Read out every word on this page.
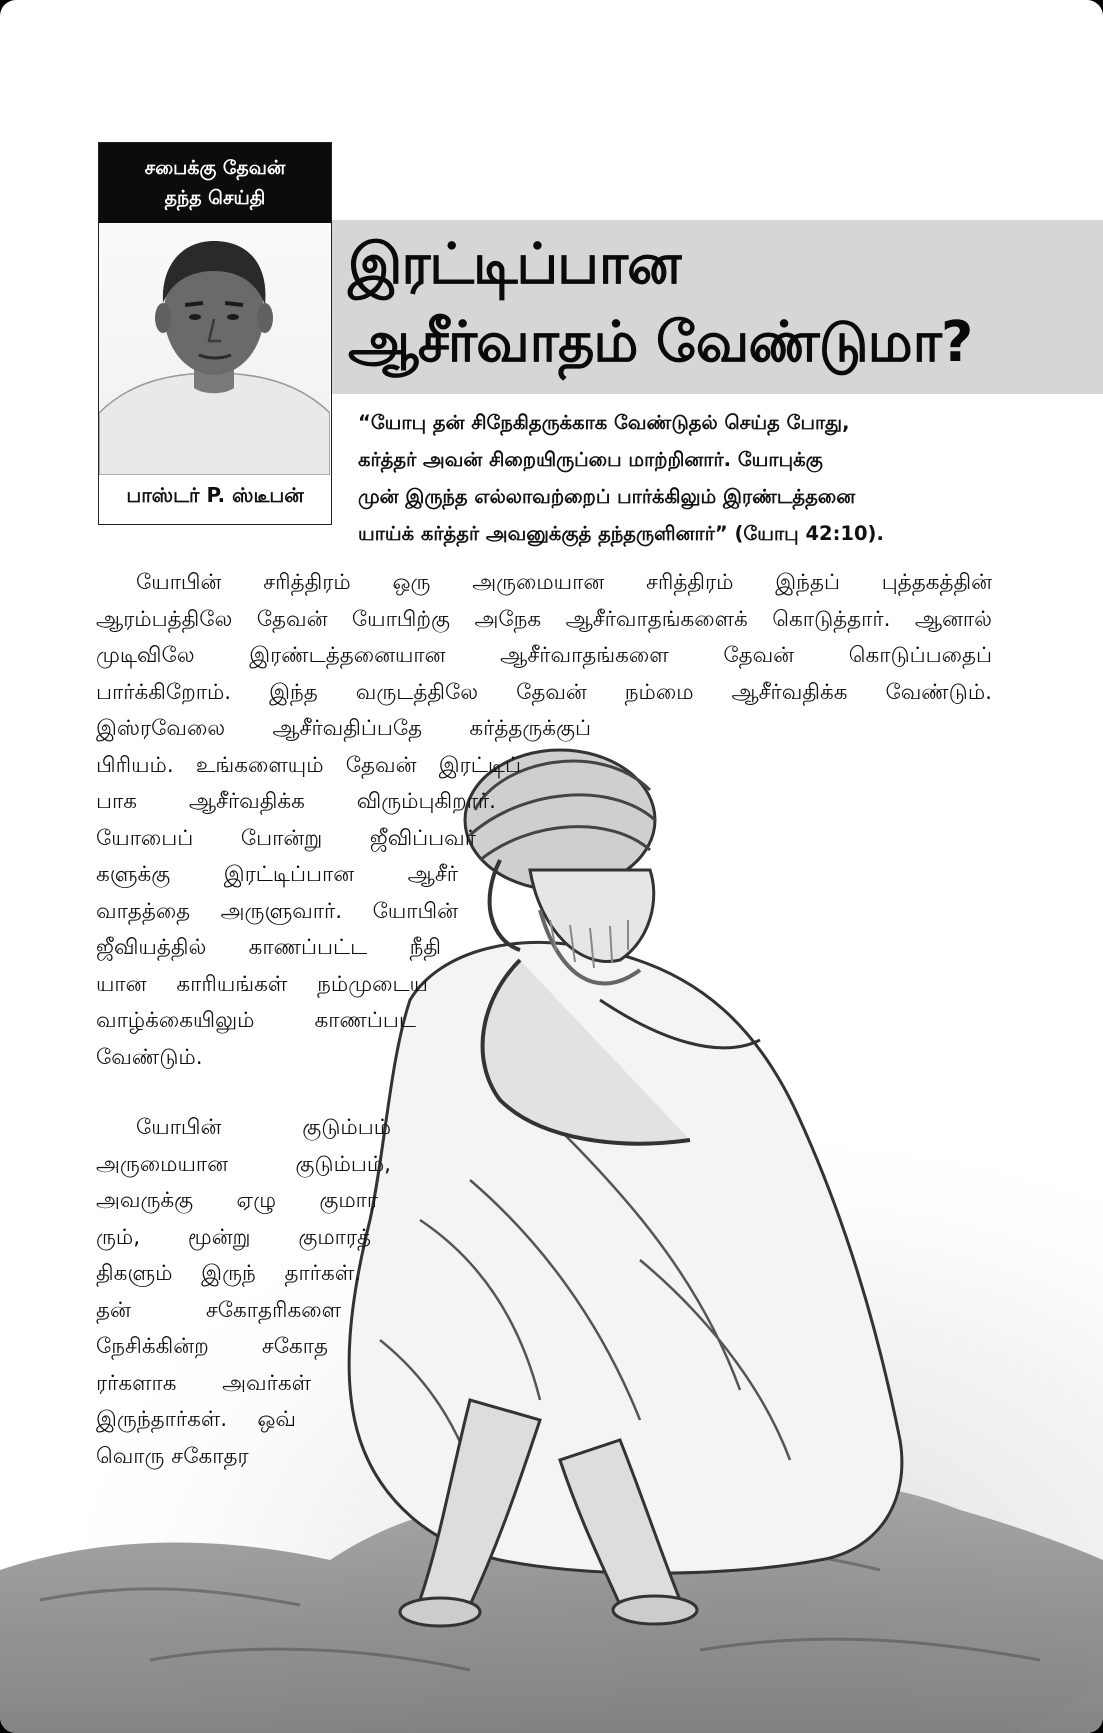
சபைக்கு தேவன்
தந்த செய்தி
பாஸ்டர் P. ஸ்டீபன்
இரட்டிப்பான
ஆசீர்வாதம் வேண்டுமா?
“யோபு தன் சிநேகிதருக்காக வேண்டுதல் செய்த போது,
கர்த்தர் அவன் சிறையிருப்பை மாற்றினார். யோபுக்கு
முன் இருந்த எல்லாவற்றைப் பார்க்கிலும் இரண்டத்தனை
யாய்க் கர்த்தர் அவனுக்குத் தந்தருளினார்” (யோபு 42:10).
யோபின் சரித்திரம் ஒரு அருமையான சரித்திரம் இந்தப் புத்தகத்தின்
ஆரம்பத்திலே தேவன் யோபிற்கு அநேக ஆசீர்வாதங்களைக் கொடுத்தார். ஆனால்
முடிவிலே இரண்டத்தனையான ஆசீர்வாதங்களை தேவன் கொடுப்பதைப்
பார்க்கிறோம். இந்த வருடத்திலே தேவன் நம்மை ஆசீர்வதிக்க வேண்டும்.
இஸ்ரவேலை ஆசீர்வதிப்பதே கர்த்தருக்குப்
பிரியம். உங்களையும் தேவன் இரட்டிப்
பாக ஆசீர்வதிக்க விரும்புகிறார்.
யோபைப் போன்று ஜீவிப்பவர்
களுக்கு இரட்டிப்பான ஆசீர்
வாதத்தை அருளுவார். யோபின்
ஜீவியத்தில் காணப்பட்ட நீதி
யான காரியங்கள் நம்முடைய
வாழ்க்கையிலும் காணப்பட
வேண்டும்.
யோபின் குடும்பம்
அருமையான குடும்பம்,
அவருக்கு ஏழு குமார
ரும், மூன்று குமாரத்
திகளும் இருந் தார்கள்.
தன் சகோதரிகளை
நேசிக்கின்ற சகோத
ரர்களாக அவர்கள்
இருந்தார்கள். ஒவ்
வொரு சகோதர
